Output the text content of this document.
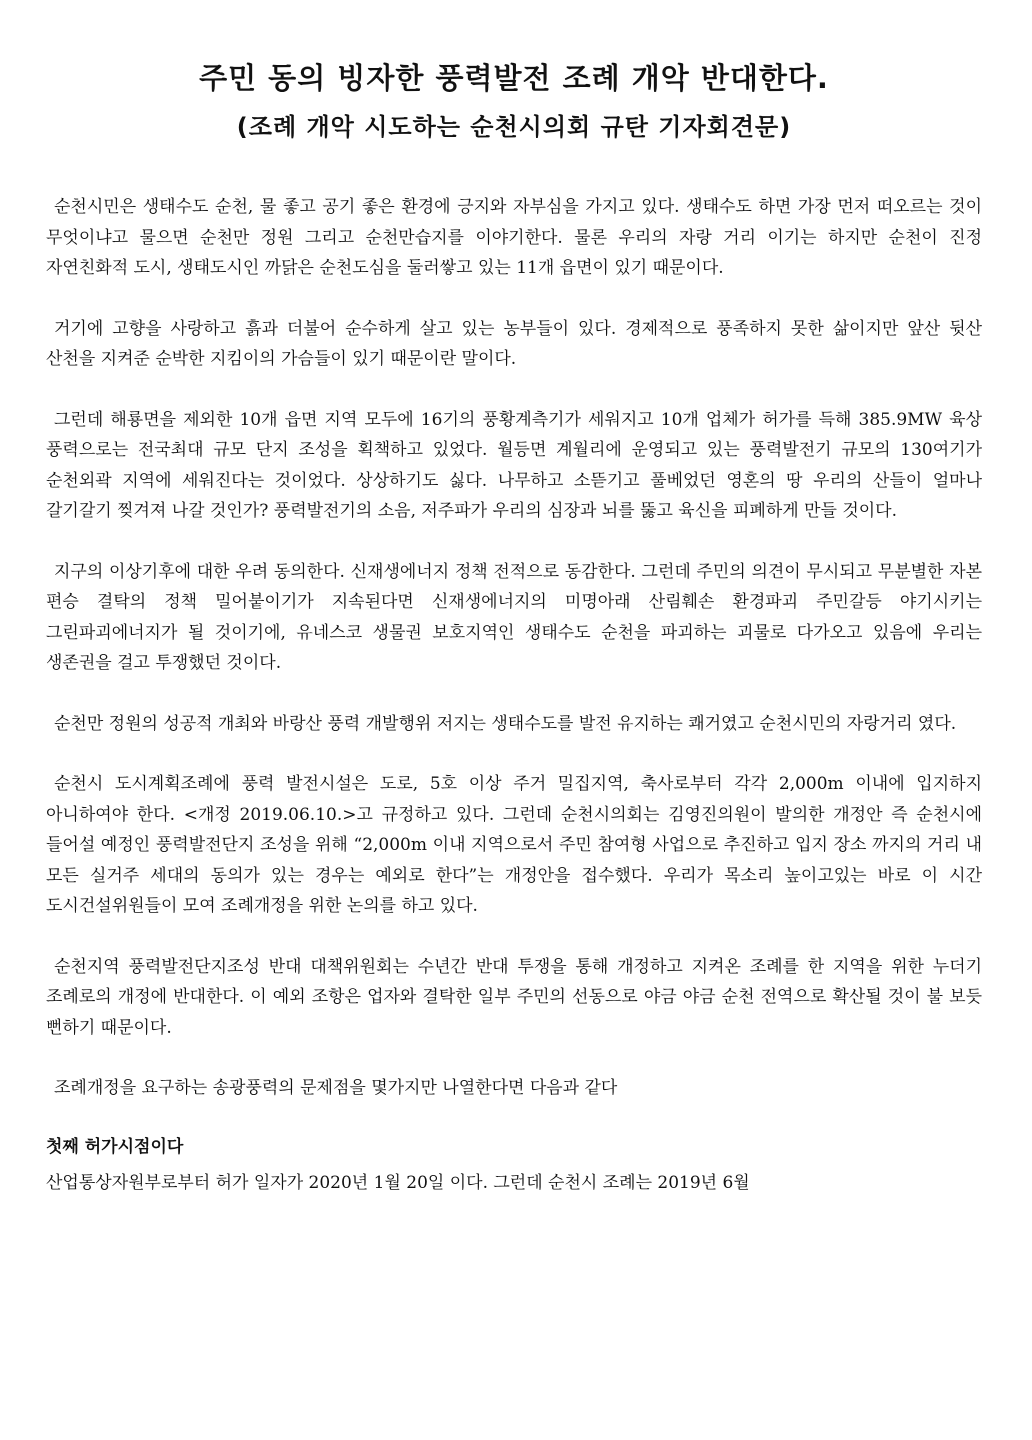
주민 동의 빙자한 풍력발전 조례 개악 반대한다.
(조례 개악 시도하는 순천시의회 규탄 기자회견문)

순천시민은 생태수도 순천, 물 좋고 공기 좋은 환경에 긍지와 자부심을 가지고 있다. 생태수도 하면 가장 먼저 떠오르는 것이 무엇이냐고 물으면 순천만 정원 그리고 순천만습지를 이야기한다. 물론 우리의 자랑 거리 이기는 하지만 순천이 진정 자연친화적 도시, 생태도시인 까닭은 순천도심을 둘러쌓고 있는 11개 읍면이 있기 때문이다.

거기에 고향을 사랑하고 흙과 더불어 순수하게 살고 있는 농부들이 있다. 경제적으로 풍족하지 못한 삶이지만 앞산 뒷산 산천을 지켜준 순박한 지킴이의 가슴들이 있기 때문이란 말이다.

그런데 해룡면을 제외한 10개 읍면 지역 모두에 16기의 풍황계측기가 세워지고 10개 업체가 허가를 득해 385.9MW 육상 풍력으로는 전국최대 규모 단지 조성을 획책하고 있었다. 월등면 계월리에 운영되고 있는 풍력발전기 규모의 130여기가 순천외곽 지역에 세워진다는 것이었다. 상상하기도 싫다. 나무하고 소뜯기고 풀베었던 영혼의 땅 우리의 산들이 얼마나 갈기갈기 찢겨져 나갈 것인가? 풍력발전기의 소음, 저주파가 우리의 심장과 뇌를 뚫고 육신을 피폐하게 만들 것이다.

지구의 이상기후에 대한 우려 동의한다. 신재생에너지 정책 전적으로 동감한다. 그런데 주민의 의견이 무시되고 무분별한 자본 편승 결탁의 정책 밀어붙이기가 지속된다면 신재생에너지의 미명아래 산림훼손 환경파괴 주민갈등 야기시키는 그린파괴에너지가 될 것이기에, 유네스코 생물권 보호지역인 생태수도 순천을 파괴하는 괴물로 다가오고 있음에 우리는 생존권을 걸고 투쟁했던 것이다.

순천만 정원의 성공적 개최와 바랑산 풍력 개발행위 저지는 생태수도를 발전 유지하는 쾌거였고 순천시민의 자랑거리 였다.

순천시 도시계획조례에 풍력 발전시설은 도로, 5호 이상 주거 밀집지역, 축사로부터 각각 2,000m 이내에 입지하지 아니하여야 한다. <개정 2019.06.10.>고 규정하고 있다. 그런데 순천시의회는 김영진의원이 발의한 개정안 즉 순천시에 들어설 예정인 풍력발전단지 조성을 위해 “2,000m 이내 지역으로서 주민 참여형 사업으로 추진하고 입지 장소 까지의 거리 내 모든 실거주 세대의 동의가 있는 경우는 예외로 한다”는 개정안을 접수했다. 우리가 목소리 높이고있는 바로 이 시간 도시건설위원들이 모여 조례개정을 위한 논의를 하고 있다.

순천지역 풍력발전단지조성 반대 대책위원회는 수년간 반대 투쟁을 통해 개정하고 지켜온 조례를 한 지역을 위한 누더기 조례로의 개정에 반대한다. 이 예외 조항은 업자와 결탁한 일부 주민의 선동으로 야금 야금 순천 전역으로 확산될 것이 불 보듯 뻔하기 때문이다.

조례개정을 요구하는 송광풍력의 문제점을 몇가지만 나열한다면 다음과 같다

첫째 허가시점이다

산업통상자원부로부터 허가 일자가 2020년 1월 20일 이다. 그런데 순천시 조례는 2019년 6월
